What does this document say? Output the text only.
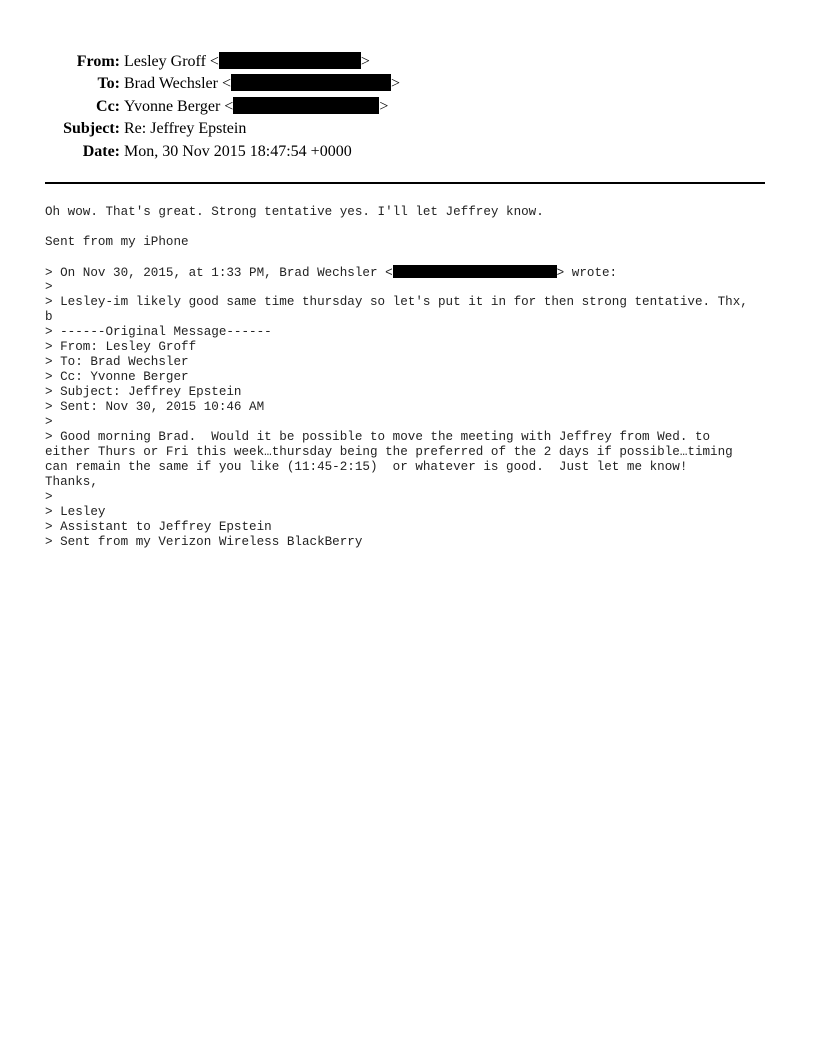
From: Lesley Groff <	>
To: Brad Wechsler <	>
Cc: Yvonne Berger <	>
Subject: Re: Jeffrey Epstein
Date: Mon, 30 Nov 2015 18:47:54 +0000
Oh wow. That's great. Strong tentative yes. I'll let Jeffrey know.
Sent from my iPhone
> On Nov 30, 2015, at 1:33 PM, Brad Wechsler <	> wrote:
>
> Lesley-im likely good same time thursday so let's put it in for then strong tentative. Thx,
b
> ------Original Message------
> From: Lesley Groff
> To: Brad Wechsler
> Cc: Yvonne Berger
> Subject: Jeffrey Epstein
> Sent: Nov 30, 2015 10:46 AM
>
> Good morning Brad.  Would it be possible to move the meeting with Jeffrey from Wed. to
either Thurs or Fri this week…thursday being the preferred of the 2 days if possible…timing
can remain the same if you like (11:45-2:15)  or whatever is good.  Just let me know!
Thanks,
>
> Lesley
> Assistant to Jeffrey Epstein
> Sent from my Verizon Wireless BlackBerry
